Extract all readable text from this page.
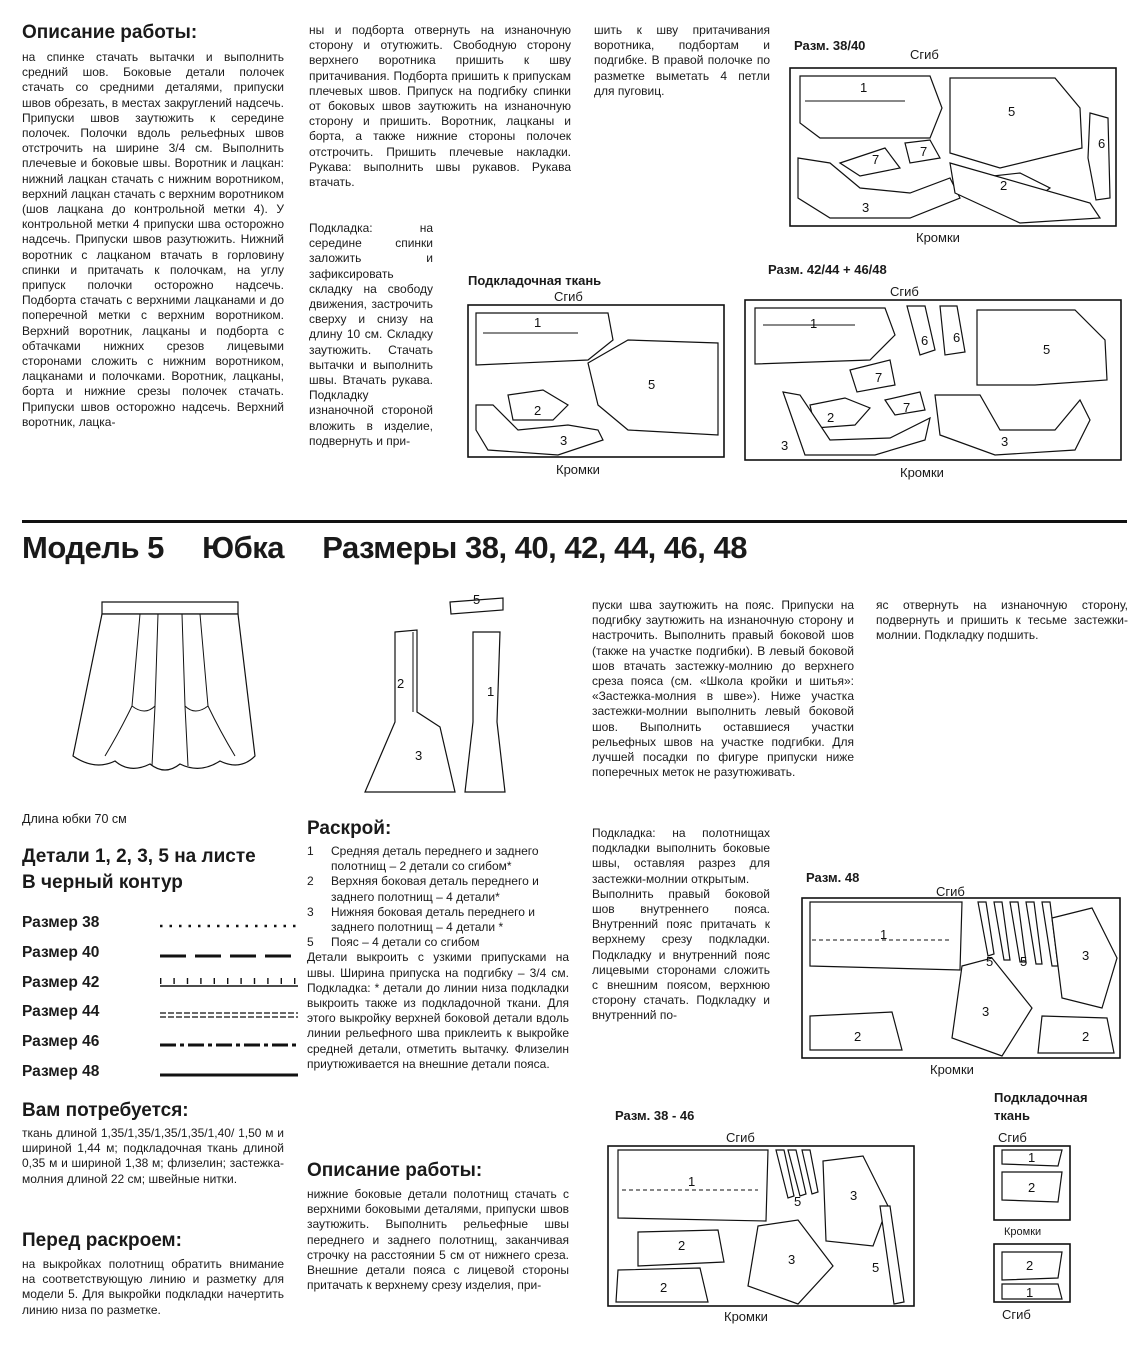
Описание работы:

на спинке стачать вытачки и выполнить средний шов. Боковые детали полочек стачать со средними деталями, припуски швов обрезать, в местах закруглений надсечь. Припуски швов заутюжить к середине полочек. Полочки вдоль рельефных швов отстрочить на ширине 3/4 см. Выполнить плечевые и боковые швы. Воротник и лацкан: нижний лацкан стачать с нижним воротником, верхний лацкан стачать с верхним воротником (шов лацкана до контрольной метки 4). У контрольной метки 4 припуски шва осторожно надсечь. Припуски швов разутюжить. Нижний воротник с лацканом втачать в горловину спинки и притачать к полочкам, на углу припуск полочки осторожно надсечь. Подборта стачать с верхними лацканами и до поперечной метки с верхним воротником. Верхний воротник, лацканы и подборта с обтачками нижних срезов лицевыми сторонами сложить с нижним воротником, лацканами и полочками. Воротник, лацканы, борта и нижние срезы полочек стачать. Припуски швов осторожно надсечь. Верхний воротник, лацка-

ны и подборта отвернуть на изнаночную сторону и отутюжить. Свободную сторону верхнего воротника пришить к шву притачивания. Подборта пришить к припускам плечевых швов. Припуск на подгибку спинки от боковых швов заутюжить на изнаночную сторону и пришить. Воротник, лацканы и борта, а также нижние стороны полочек отстрочить. Пришить плечевые накладки. Рукава: выполнить швы рукавов. Рукава втачать.

Подкладка: на середине спинки заложить и зафиксировать складку на свободу движения, застрочить сверху и снизу на длину 10 см. Складку заутюжить. Стачать вытачки и выполнить швы. Втачать рукава. Подкладку изнаночной стороной вложить в изделие, подвернуть и при-

шить к шву притачивания воротника, подбортам и подгибке. В правой полочке по разметке выметать 4 петли для пуговиц.

Разм. 38/40
Сгиб
1
5
6
7
7
2
3
Кромки
Подкладочная ткань
Сгиб
1
5
2
3
Кромки
Разм. 42/44 + 46/48
Сгиб
1
6 6
5
7
7
2
3	3
Кромки
Модель 5 Юбка Размеры 38, 40, 42, 44, 46, 48
Длина юбки 70 см
5
2
3
1
Детали 1, 2, 3, 5 на листе
В черный контур
Размер 38
Размер 40
Размер 42
Размер 44
Размер 46
Размер 48
Вам потребуется:

ткань длиной 1,35/1,35/1,35/1,35/1,40/ 1,50 м и шириной 1,44 м; подкладочная ткань длиной 0,35 м и шириной 1,38 м; флизелин; застежка-молния длиной 22 см; швейные нитки.

Перед раскроем:

на выкройках полотнищ обратить внимание на соответствующую линию и разметку для модели 5. Для выкройки подкладки начертить линию низа по разметке.

Раскрой:
1	Средняя деталь переднего и заднего полотнищ – 2 детали со сгибом*
2	Верхняя боковая деталь переднего и заднего полотнищ – 4 детали*
3	Нижняя боковая деталь переднего и заднего полотнищ – 4 детали *
5	Пояс – 4 детали со сгибом

Детали выкроить с узкими припусками на швы. Ширина припуска на подгибку – 3/4 см. Подкладка: * детали до линии низа подкладки выкроить также из подкладочной ткани. Для этого выкройку верхней боковой детали вдоль линии рельефного шва приклеить к выкройке средней детали, отметить вытачку. Флизелин приутюживается на внешние детали пояса.

Описание работы:

нижние боковые детали полотнищ стачать с верхними боковыми деталями, припуски швов заутюжить. Выполнить рельефные швы переднего и заднего полотнищ, заканчивая строчку на расстоянии 5 см от нижнего среза. Внешние детали пояса с лицевой стороны притачать к верхнему срезу изделия, при-

пуски шва заутюжить на пояс. Припуски на подгибку заутюжить на изнаночную сторону и настрочить. Выполнить правый боковой шов (также на участке подгибки). В левый боковой шов втачать застежку-молнию до верхнего среза пояса (см. «Школа кройки и шитья»: «Застежка-молния в шве»). Ниже участка застежки-молнии выполнить левый боковой шов. Выполнить оставшиеся участки рельефных швов на участке подгибки. Для лучшей посадки по фигуре припуски ниже поперечных меток не разутюживать.

Подкладка: на полотнищах подкладки выполнить боковые швы, оставляя разрез для застежки-молнии открытым.

Выполнить правый боковой шов внутреннего пояса. Внутренний пояс притачать к верхнему срезу подкладки. Подкладку и внутренний пояс лицевыми сторонами сложить с внешним поясом, верхнюю сторону стачать. Подкладку и внутренний по-

яс отвернуть на изнаночную сторону, подвернуть и пришить к тесьме застежки-молнии. Подкладку подшить.

Разм. 48
Сгиб
1
5 5	3
3
2	2
Кромки
Разм. 38 - 46
Сгиб
1
5
5
3
3
2
2
Кромки
Подкладочная
ткань
Сгиб
1
2
Кромки
2
1
Сгиб
